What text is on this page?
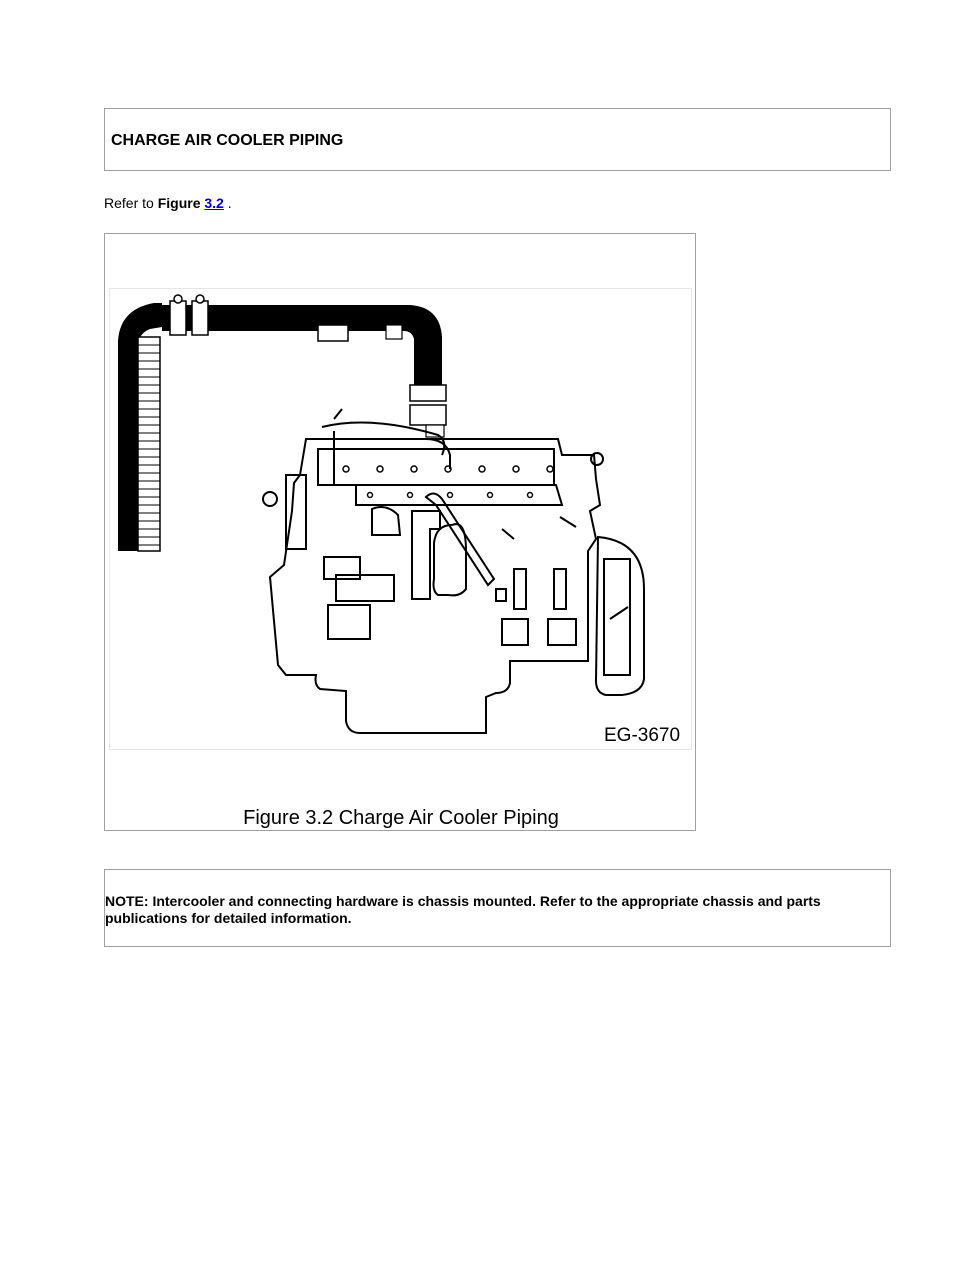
CHARGE AIR COOLER PIPING
Refer to Figure 3.2 .
EG-3670
Figure 3.2 Charge Air Cooler Piping
NOTE: Intercooler and connecting hardware is chassis mounted. Refer to the appropriate chassis and parts publications for detailed information.
